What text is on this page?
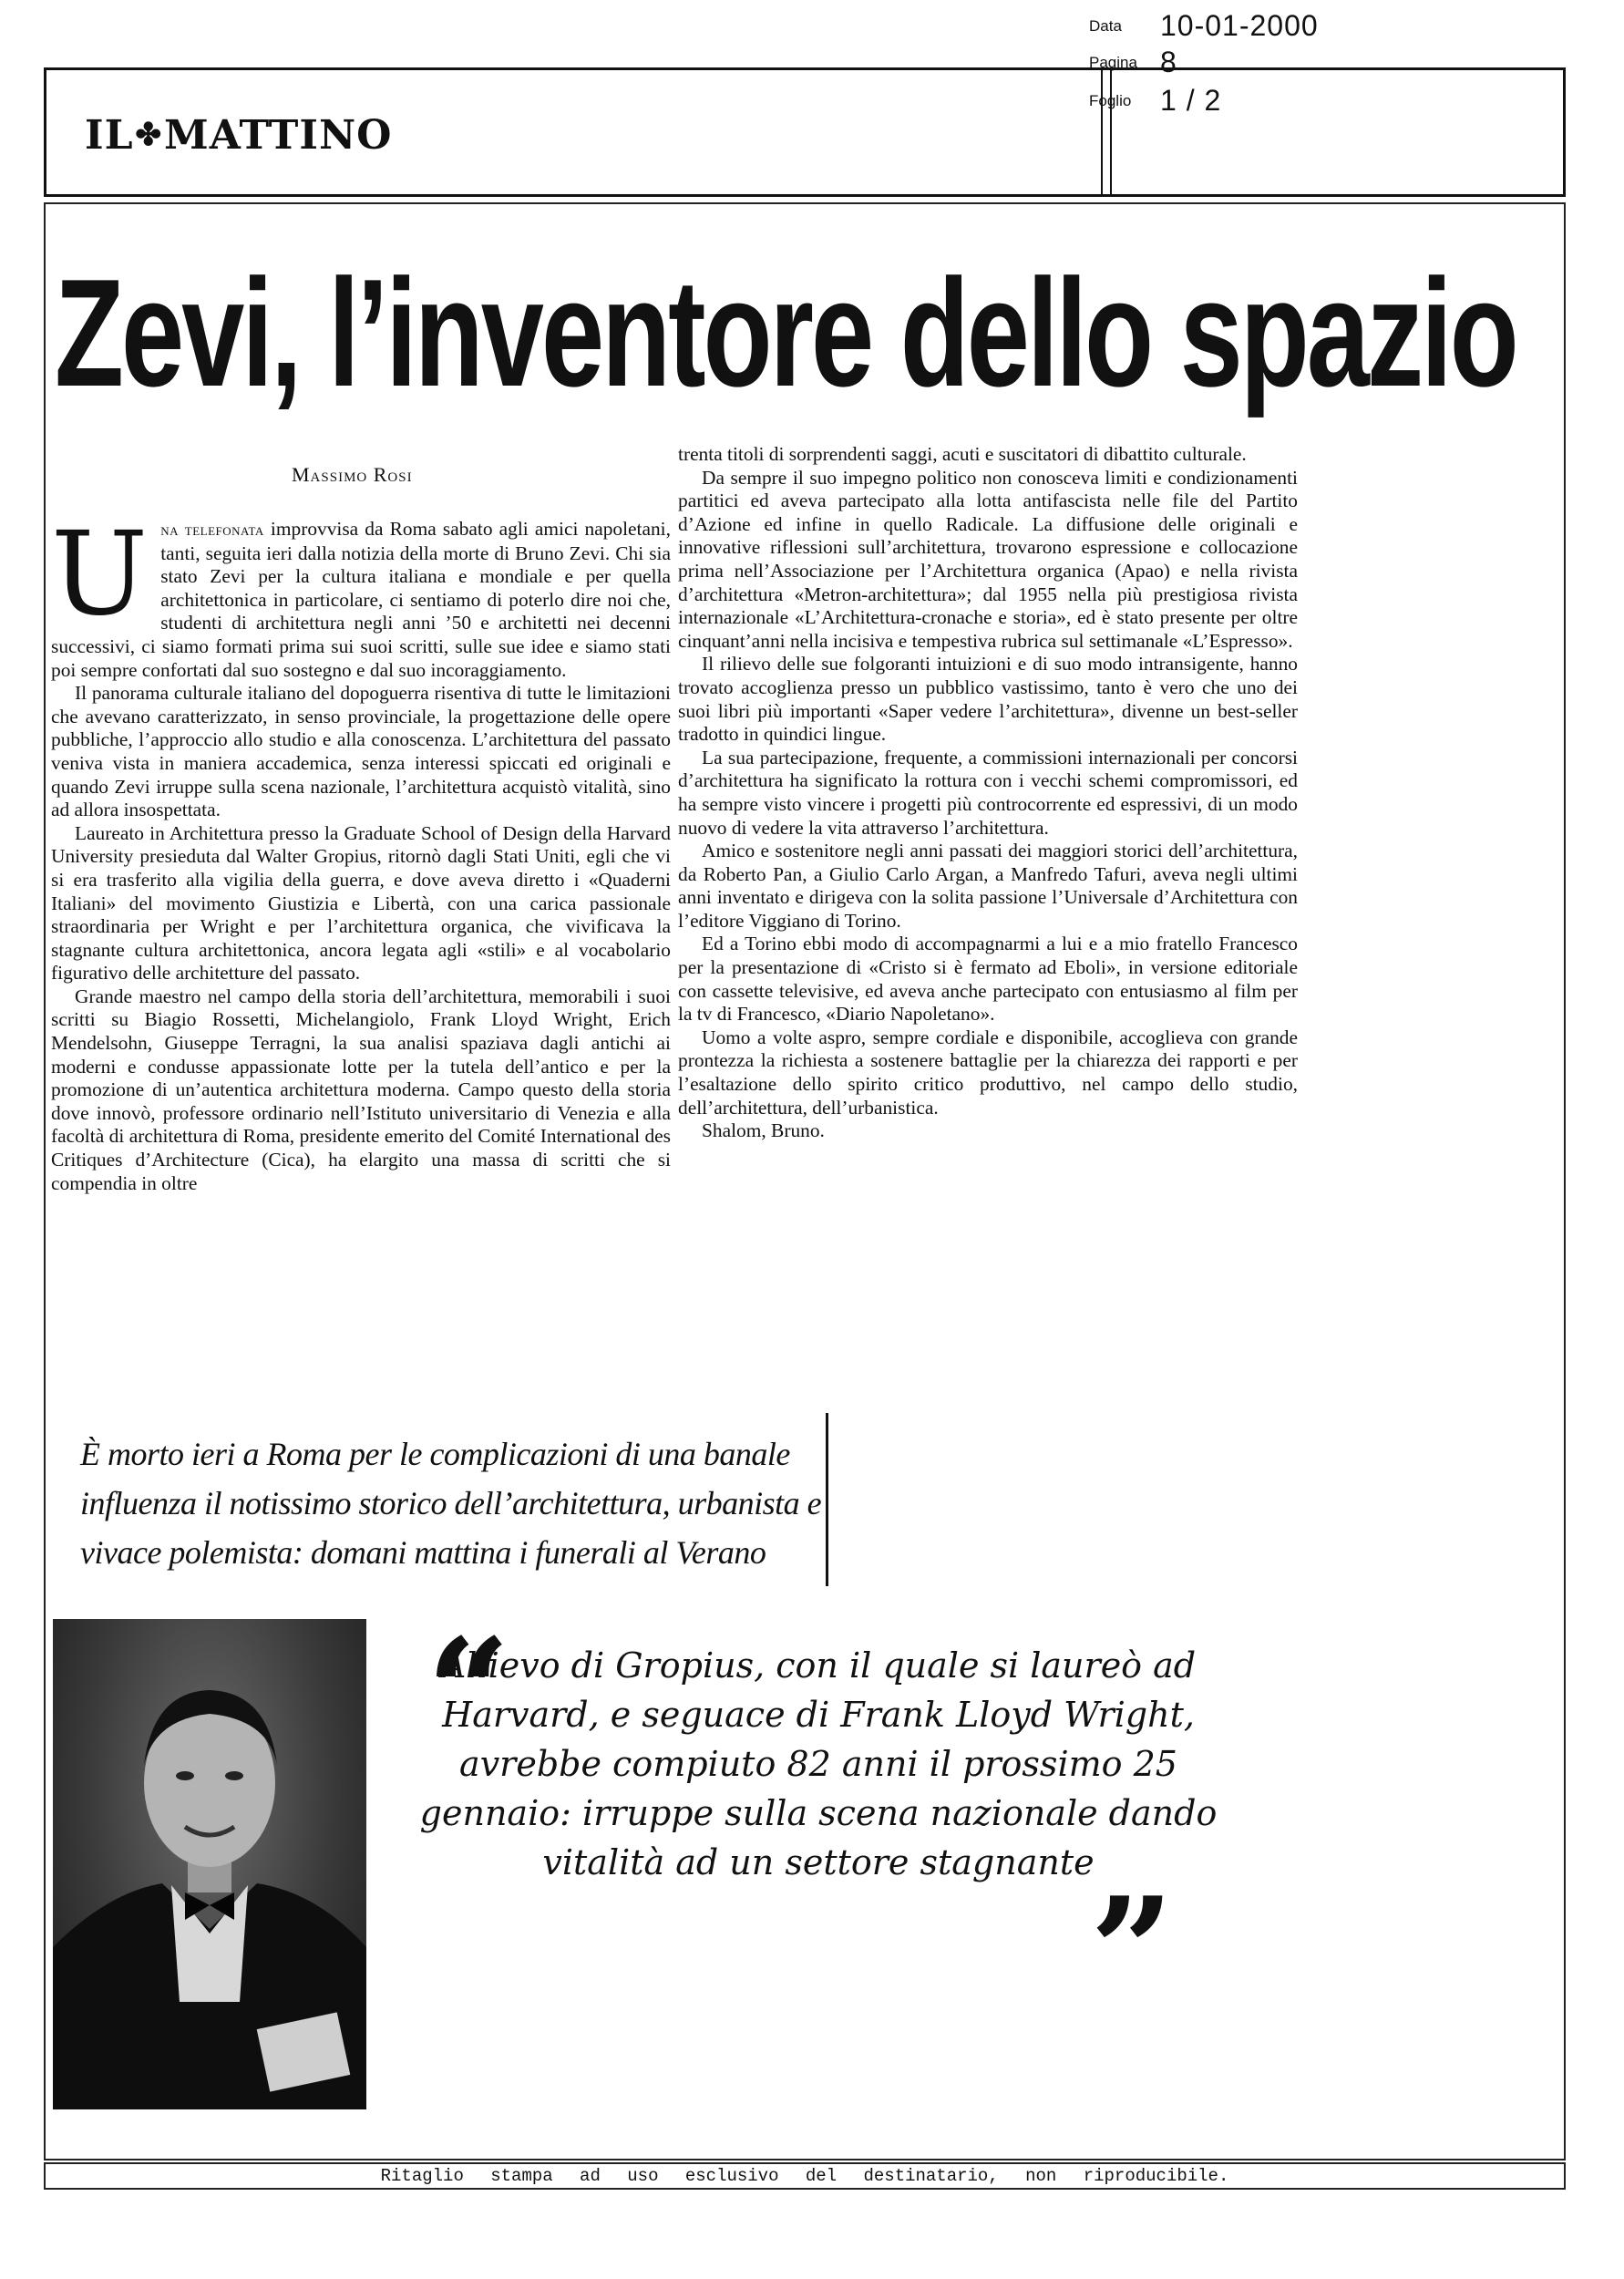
IL✤MATTINO
Data 10-01-2000
Pagina 8
Foglio 1 / 2
Zevi, l’inventore dello spazio
Massimo Rosi

Una telefonata improvvisa da Roma sabato agli amici napoletani, tanti, seguita ieri dalla notizia della morte di Bruno Zevi. Chi sia stato Zevi per la cultura italiana e mondiale e per quella architettonica in particolare, ci sentiamo di poterlo dire noi che, studenti di architettura negli anni ’50 e architetti nei decenni successivi, ci siamo formati prima sui suoi scritti, sulle sue idee e siamo stati poi sempre confortati dal suo sostegno e dal suo incoraggiamento.

Il panorama culturale italiano del dopoguerra risentiva di tutte le limitazioni che avevano caratterizzato, in senso provinciale, la progettazione delle opere pubbliche, l’approccio allo studio e alla conoscenza. L’architettura del passato veniva vista in maniera accademica, senza interessi spiccati ed originali e quando Zevi irruppe sulla scena nazionale, l’architettura acquistò vitalità, sino ad allora insospettata.

Laureato in Architettura presso la Graduate School of Design della Harvard University presieduta dal Walter Gropius, ritornò dagli Stati Uniti, egli che vi si era trasferito alla vigilia della guerra, e dove aveva diretto i «Quaderni Italiani» del movimento Giustizia e Libertà, con una carica passionale straordinaria per Wright e per l’architettura organica, che vivificava la stagnante cultura architettonica, ancora legata agli «stili» e al vocabolario figurativo delle architetture del passato.

Grande maestro nel campo della storia dell’architettura, memorabili i suoi scritti su Biagio Rossetti, Michelangiolo, Frank Lloyd Wright, Erich Mendelsohn, Giuseppe Terragni, la sua analisi spaziava dagli antichi ai moderni e condusse appassionate lotte per la tutela dell’antico e per la promozione di un’autentica architettura moderna. Campo questo della storia dove innovò, professore ordinario nell’Istituto universitario di Venezia e alla facoltà di architettura di Roma, presidente emerito del Comité International des Critiques d’Architecture (Cica), ha elargito una massa di scritti che si compendia in oltre

trenta titoli di sorprendenti saggi, acuti e suscitatori di dibattito culturale.

Da sempre il suo impegno politico non conosceva limiti e condizionamenti partitici ed aveva partecipato alla lotta antifascista nelle file del Partito d’Azione ed infine in quello Radicale. La diffusione delle originali e innovative riflessioni sull’architettura, trovarono espressione e collocazione prima nell’Associazione per l’Architettura organica (Apao) e nella rivista d’architettura «Metron-architettura»; dal 1955 nella più prestigiosa rivista internazionale «L’Architettura-cronache e storia», ed è stato presente per oltre cinquant’anni nella incisiva e tempestiva rubrica sul settimanale «L’Espresso».

Il rilievo delle sue folgoranti intuizioni e di suo modo intransigente, hanno trovato accoglienza presso un pubblico vastissimo, tanto è vero che uno dei suoi libri più importanti «Saper vedere l’architettura», divenne un best-seller tradotto in quindici lingue.

La sua partecipazione, frequente, a commissioni internazionali per concorsi d’architettura ha significato la rottura con i vecchi schemi compromissori, ed ha sempre visto vincere i progetti più controcorrente ed espressivi, di un modo nuovo di vedere la vita attraverso l’architettura.

Amico e sostenitore negli anni passati dei maggiori storici dell’architettura, da Roberto Pan, a Giulio Carlo Argan, a Manfredo Tafuri, aveva negli ultimi anni inventato e dirigeva con la solita passione l’Universale d’Architettura con l’editore Viggiano di Torino.

Ed a Torino ebbi modo di accompagnarmi a lui e a mio fratello Francesco per la presentazione di «Cristo si è fermato ad Eboli», in versione editoriale con cassette televisive, ed aveva anche partecipato con entusiasmo al film per la tv di Francesco, «Diario Napoletano».

Uomo a volte aspro, sempre cordiale e disponibile, accoglieva con grande prontezza la richiesta a sostenere battaglie per la chiarezza dei rapporti e per l’esaltazione dello spirito critico produttivo, nel campo dello studio, dell’architettura, dell’urbanistica.

Shalom, Bruno.

È morto ieri a Roma per le complicazioni di una banale influenza il notissimo storico dell’architettura, urbanista e vivace polemista: domani mattina i funerali al Verano
“
Allievo di Gropius, con il quale si laureò ad Harvard, e seguace di Frank Lloyd Wright, avrebbe compiuto 82 anni il prossimo 25 gennaio: irruppe sulla scena nazionale dando vitalità ad un settore stagnante
”
Ritaglio stampa ad uso esclusivo del destinatario, non riproducibile.
